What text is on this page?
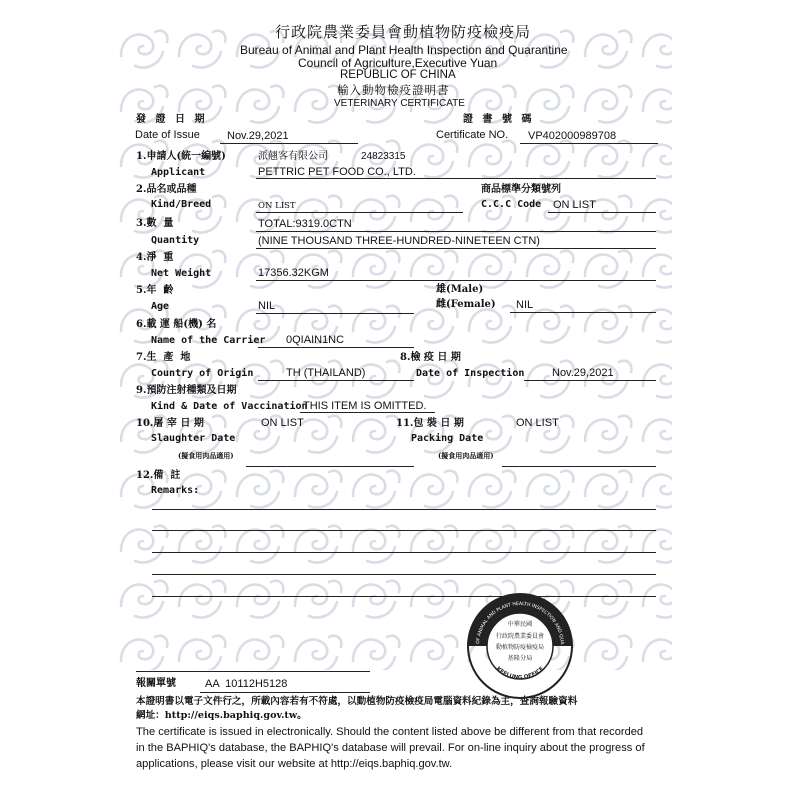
行政院農業委員會動植物防疫檢疫局
Bureau of Animal and Plant Health Inspection and Quarantine
Council of Agriculture,Executive Yuan
REPUBLIC OF CHINA
輸入動物檢疫證明書
VETERINARY CERTIFICATE
發 證 日 期
Date of Issue Nov.29,2021
證 書 號 碼
Certificate NO. VP402000989708
1.申請人(統一編號)	派翹客有限公司	24823315
Applicant	PETTRIC PET FOOD CO., LTD.
2.品名或品種	商品標準分類號列
Kind/Breed	ON LIST	C.C.C Code ON LIST
3.數  量	TOTAL:9319.0CTN
Quantity	(NINE THOUSAND THREE-HUNDRED-NINETEEN CTN)
4.淨  重
Net Weight	17356.32KGM
5.年  齡	雄(Male)
Age	NIL	雌(Female) NIL
6.載 運 船(機) 名
Name of the Carrier 0QIAIN1NC
7.生  產  地	8.檢 疫 日 期
Country of Origin	TH (THAILAND)	Date of Inspection	Nov.29,2021
9.預防注射種類及日期
Kind & Date of Vaccination
THIS ITEM IS OMITTED.
10.屠 宰 日 期	ON LIST
Slaughter Date
(擬食用肉品適用)
11.包 裝 日 期	ON LIST
Packing Date
(擬食用肉品適用)
12.備  註
Remarks:
OF ANIMAL AND PLANT HEALTH INSPECTION AND QUA
KEELUNG OFFICE
中華民國
行政院農業委員會
動植物防疫檢疫局
基隆分局
報關單號	AA  10112H5128
本證明書以電子文件行之，所載內容若有不符處，以動植物防疫檢疫局電腦資料紀錄為主，查詢報驗資料
網址：http://eiqs.baphiq.gov.tw。
The certificate is issued in electronically. Should the content listed above be different from that recorded
in the BAPHIQ's database, the BAPHIQ's database will prevail. For on-line inquiry about the progress of
applications, please visit our website at http://eiqs.baphiq.gov.tw.
